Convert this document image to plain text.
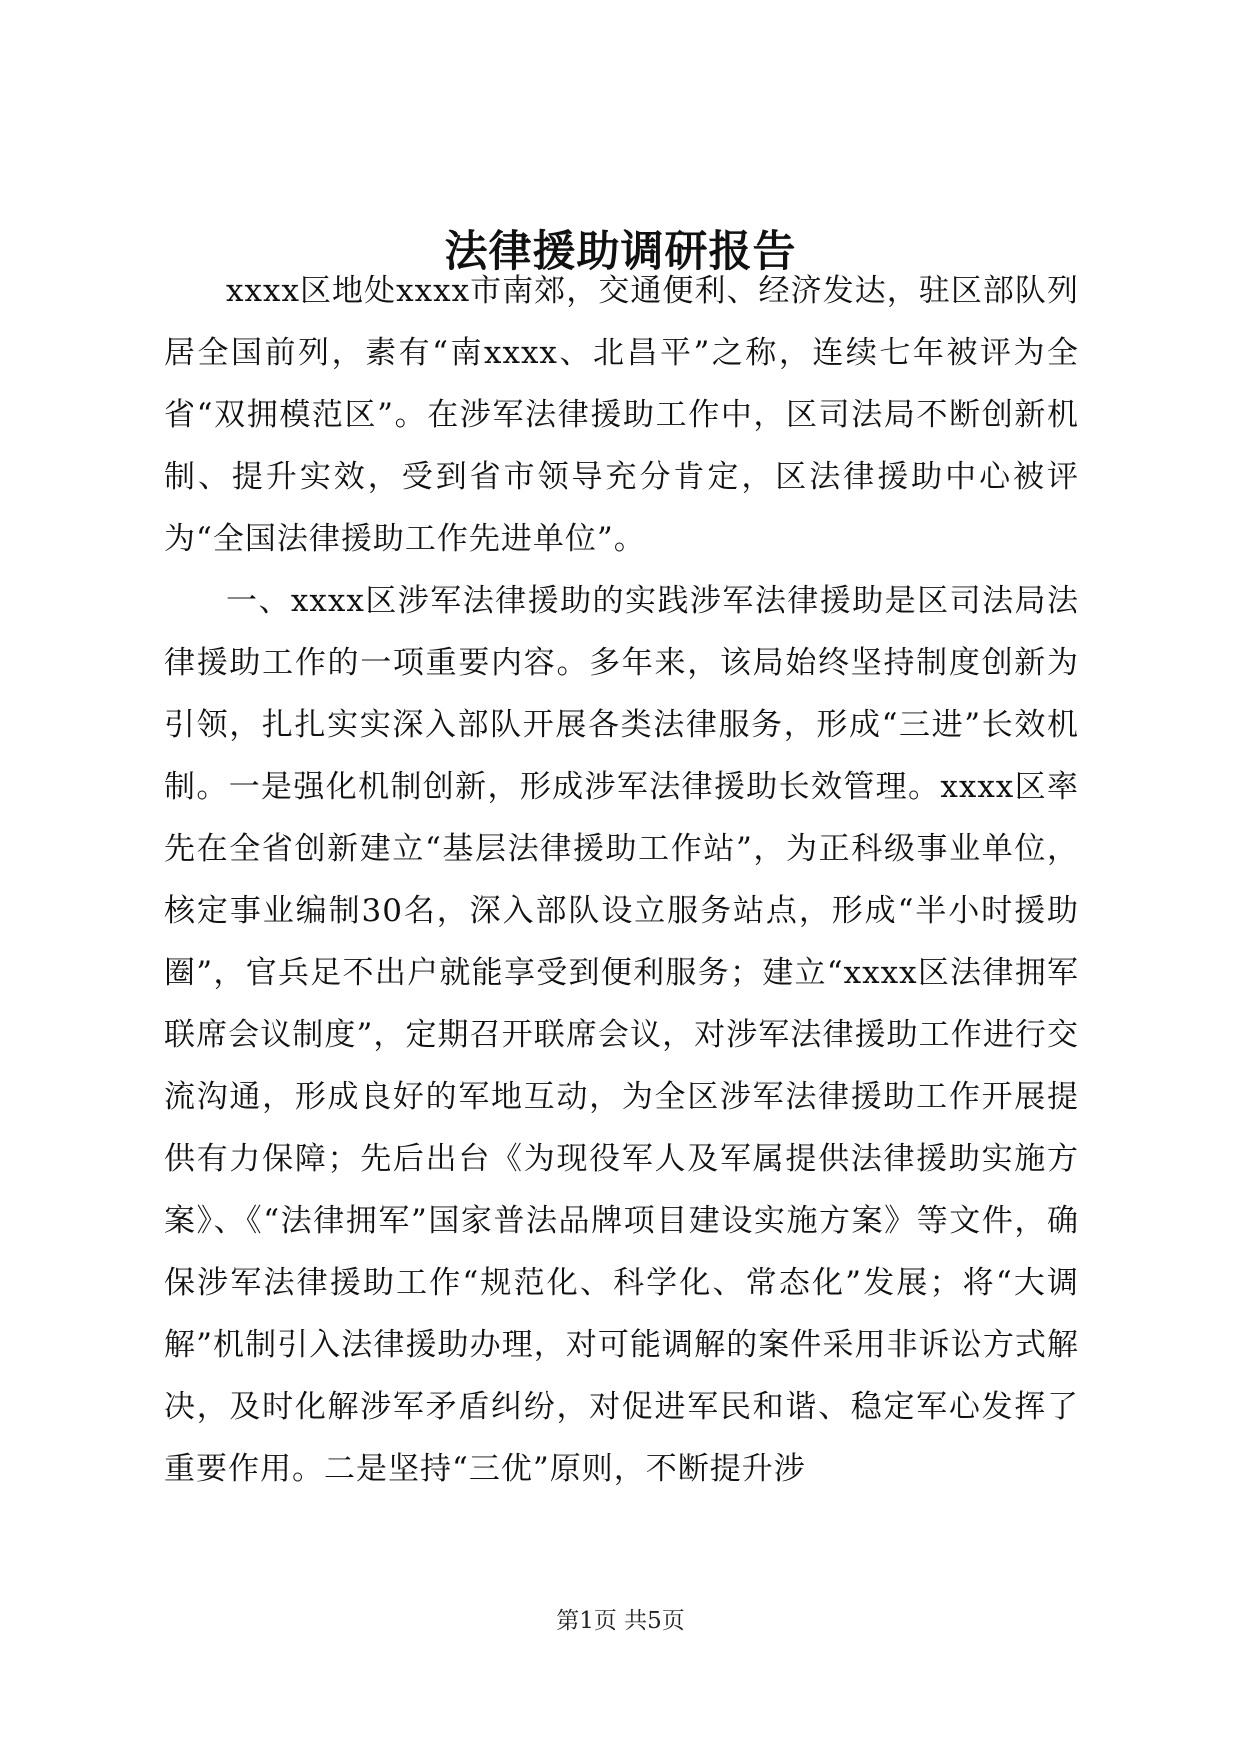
法律援助调研报告

xxxx区地处xxxx市南郊，交通便利、经济发达，驻区部队列居全国前列，素有“南xxxx、北昌平”之称，连续七年被评为全省“双拥模范区”。在涉军法律援助工作中，区司法局不断创新机制、提升实效，受到省市领导充分肯定，区法律援助中心被评为“全国法律援助工作先进单位”。

一、xxxx区涉军法律援助的实践涉军法律援助是区司法局法律援助工作的一项重要内容。多年来，该局始终坚持制度创新为引领，扎扎实实深入部队开展各类法律服务，形成“三进”长效机制。一是强化机制创新，形成涉军法律援助长效管理。xxxx区率先在全省创新建立“基层法律援助工作站”，为正科级事业单位，核定事业编制30名，深入部队设立服务站点，形成“半小时援助圈”，官兵足不出户就能享受到便利服务；建立“xxxx区法律拥军联席会议制度”，定期召开联席会议，对涉军法律援助工作进行交流沟通，形成良好的军地互动，为全区涉军法律援助工作开展提供有力保障；先后出台《为现役军人及军属提供法律援助实施方案》、《“法律拥军”国家普法品牌项目建设实施方案》等文件，确保涉军法律援助工作“规范化、科学化、常态化”发展；将“大调解”机制引入法律援助办理，对可能调解的案件采用非诉讼方式解决，及时化解涉军矛盾纠纷，对促进军民和谐、稳定军心发挥了重要作用。二是坚持“三优”原则，不断提升涉

第1页 共5页
